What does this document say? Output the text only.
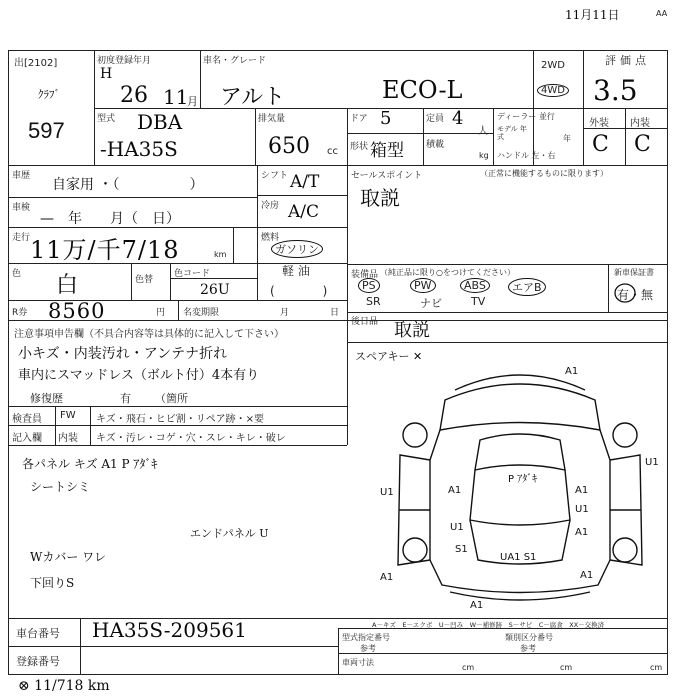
11月11日	AA
出[2102]
ｸﾗﾌﾞ
597
初度登録年月
H
26 11
月
車名・グレード
アルト	ECO-L
2WD
4WD
評価点
3.5
型式 DBA
-HA35S
排気量
650 cc
ドア 5	定員 4
人
形状 箱型 積載
kg
ディーラー 並行
モデル 年式	年
ハンドル 左・右
外装 内装
C C
車歴
自家用 ・（　　　　　）
シフト A/T
車検
—　年　　月（　日）
冷房 A/C
走行 11万/千7/18	km
燃料
ガソリン
軽 油
(　　　　)
色 白	色替
色コード
26U
R券 8560	円 名変期限	月	日
セールスポイント	（正常に機能するものに限ります）
取説
装備品 （純正品に限り○をつけてください）
PS	PW	ABS	エアB
SR	ナビ	TV
新車保証書
有・無
後日品 取説
注意事項申告欄（不具合内容等は具体的に記入して下さい）
小キズ・内装汚れ・アンテナ折れ
車内にスマッドレス（ボルト付）4本有り
修復歴	有 （箇所
検査員 FW キズ・飛石・ヒビ割・リペア跡・×要
記入欄 内装 キズ・汚レ・コゲ・穴・スレ・キレ・破レ
各パネル キズ A1 P ｱﾀﾞｷ
シートシミ
エンドパネル U
Wカバー ワレ
下回りS
スペアキー ✕
A1
U1	A1
U1
U1
P ｱﾀﾞｷ
A1
A1
U1
S1
UA1 S1
A1	A1
A1
A－キズ　E－エクボ　U－凹み　W－補修跡　S－サビ　C－腐食　XX－交換済
車台番号 HA35S-209561
登録番号
型式指定番号
参考
類別区分番号
参考
車両寸法
cm	cm	cm
⊗ 11/718 km
